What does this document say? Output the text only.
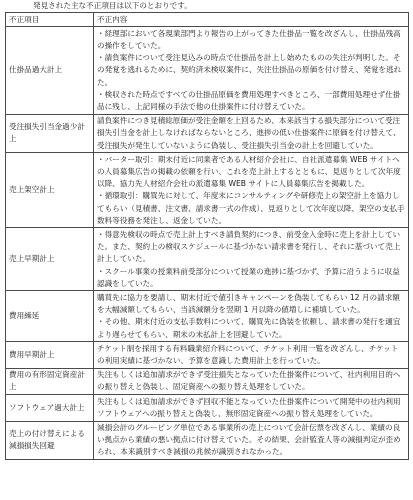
発見された主な不正項目は以下のとおりです。
不正項目	不正内容
仕掛品過大計上	・経理部において各現業部門より報告の上がってきた仕掛品一覧を改ざんし、仕掛品残高の操作をしていた。
・請負案件について受注見込みの時点で仕掛品を計上し始めたものの失注が判明した。その発覚を逃れるために、契約済未検収案件に、失注仕掛品の原価を付け替え、発覚を逃れた。
・検収された時点ですべての仕掛品原価を費用処理すべきところ、一部費用処理せず仕掛品に残し、上記同様の手法で他の仕掛案件に付け替えていた。

受注損失引当金過少計上	請負案件につき見積総原価が受注金額を上回るため、本来該当する損失部分について受注損失引当金を計上しなければならないところ、進捗の低い仕掛案件に原価を付け替えて、受注損失が発生していないように偽装し、受注損失引当金の計上を回避していた。

売上架空計上	・バーター取引：期末付近に同業者である人材紹介会社に、自社派遣募集 WEB サイトへの人員募集広告の掲載の依頼を行い、これを売上計上するとともに、見返りとして次年度以降、協力先人材紹介会社の派遣募集 WEB サイトに人員募集広告を掲載した。
・循環取引：購買先に対して、年度末にコンサルティングや研修売上の架空計上を協力してもらい（見積書、注文書、請求書一式の作成）、見返りとして次年度以降、架空の支払手数料等役務を発注し、返金していた。

売上早期計上	・得意先検収の時点で売上計上すべき請負契約につき、前受金入金時に売上を計上していた。また、契約上の検収スケジュールに基づかない請求書を発行し、それに基づいて売上計上していた。
・スクール事業の授業料前受部分について授業の進捗に基づかず、予算に沿うように収益認識をしていた。

費用繰延	購買先に協力を要請し、期末付近で値引きキャンペーンを偽装してもらい 12 月の請求額を大幅減額してもらい、当該減額分を翌期 1 月以降の値増しに補填していた。
・その他、期末付近の支払手数料について、購買先に偽装を依頼し、請求書の発行を適宜より遅らせてもらい、期末の未払計上を回避していた。

費用早期計上	チケット制を採用する有料職業紹介料について、チケット利用一覧を改ざんし、チケットの利用実績に基づかない、予算を意識した費用計上を行っていた。

費用の有形固定資産計上	失注もしくは追加請求ができず受注損失となっていた仕掛案件について、社内利用目的への振り替えと偽装し、固定資産への振り替え処理をしていた。

ソフトウェア過大計上	失注もしくは追加請求ができず回収不能となっていた仕掛案件について開発中の社内利用ソフトウェアへの振り替えと偽装し、無形固定資産への振り替え処理をしていた。

売上の付け替えによる減損損失回避	減損会計のグルーピング単位である事業所の売上について会計伝票を改ざんし、業績の良い拠点から業績の悪い拠点に付け替えていた。その結果、会計監査人等の減損判定が歪められ、本来識別すべき減損の兆候が識別されなかった。
